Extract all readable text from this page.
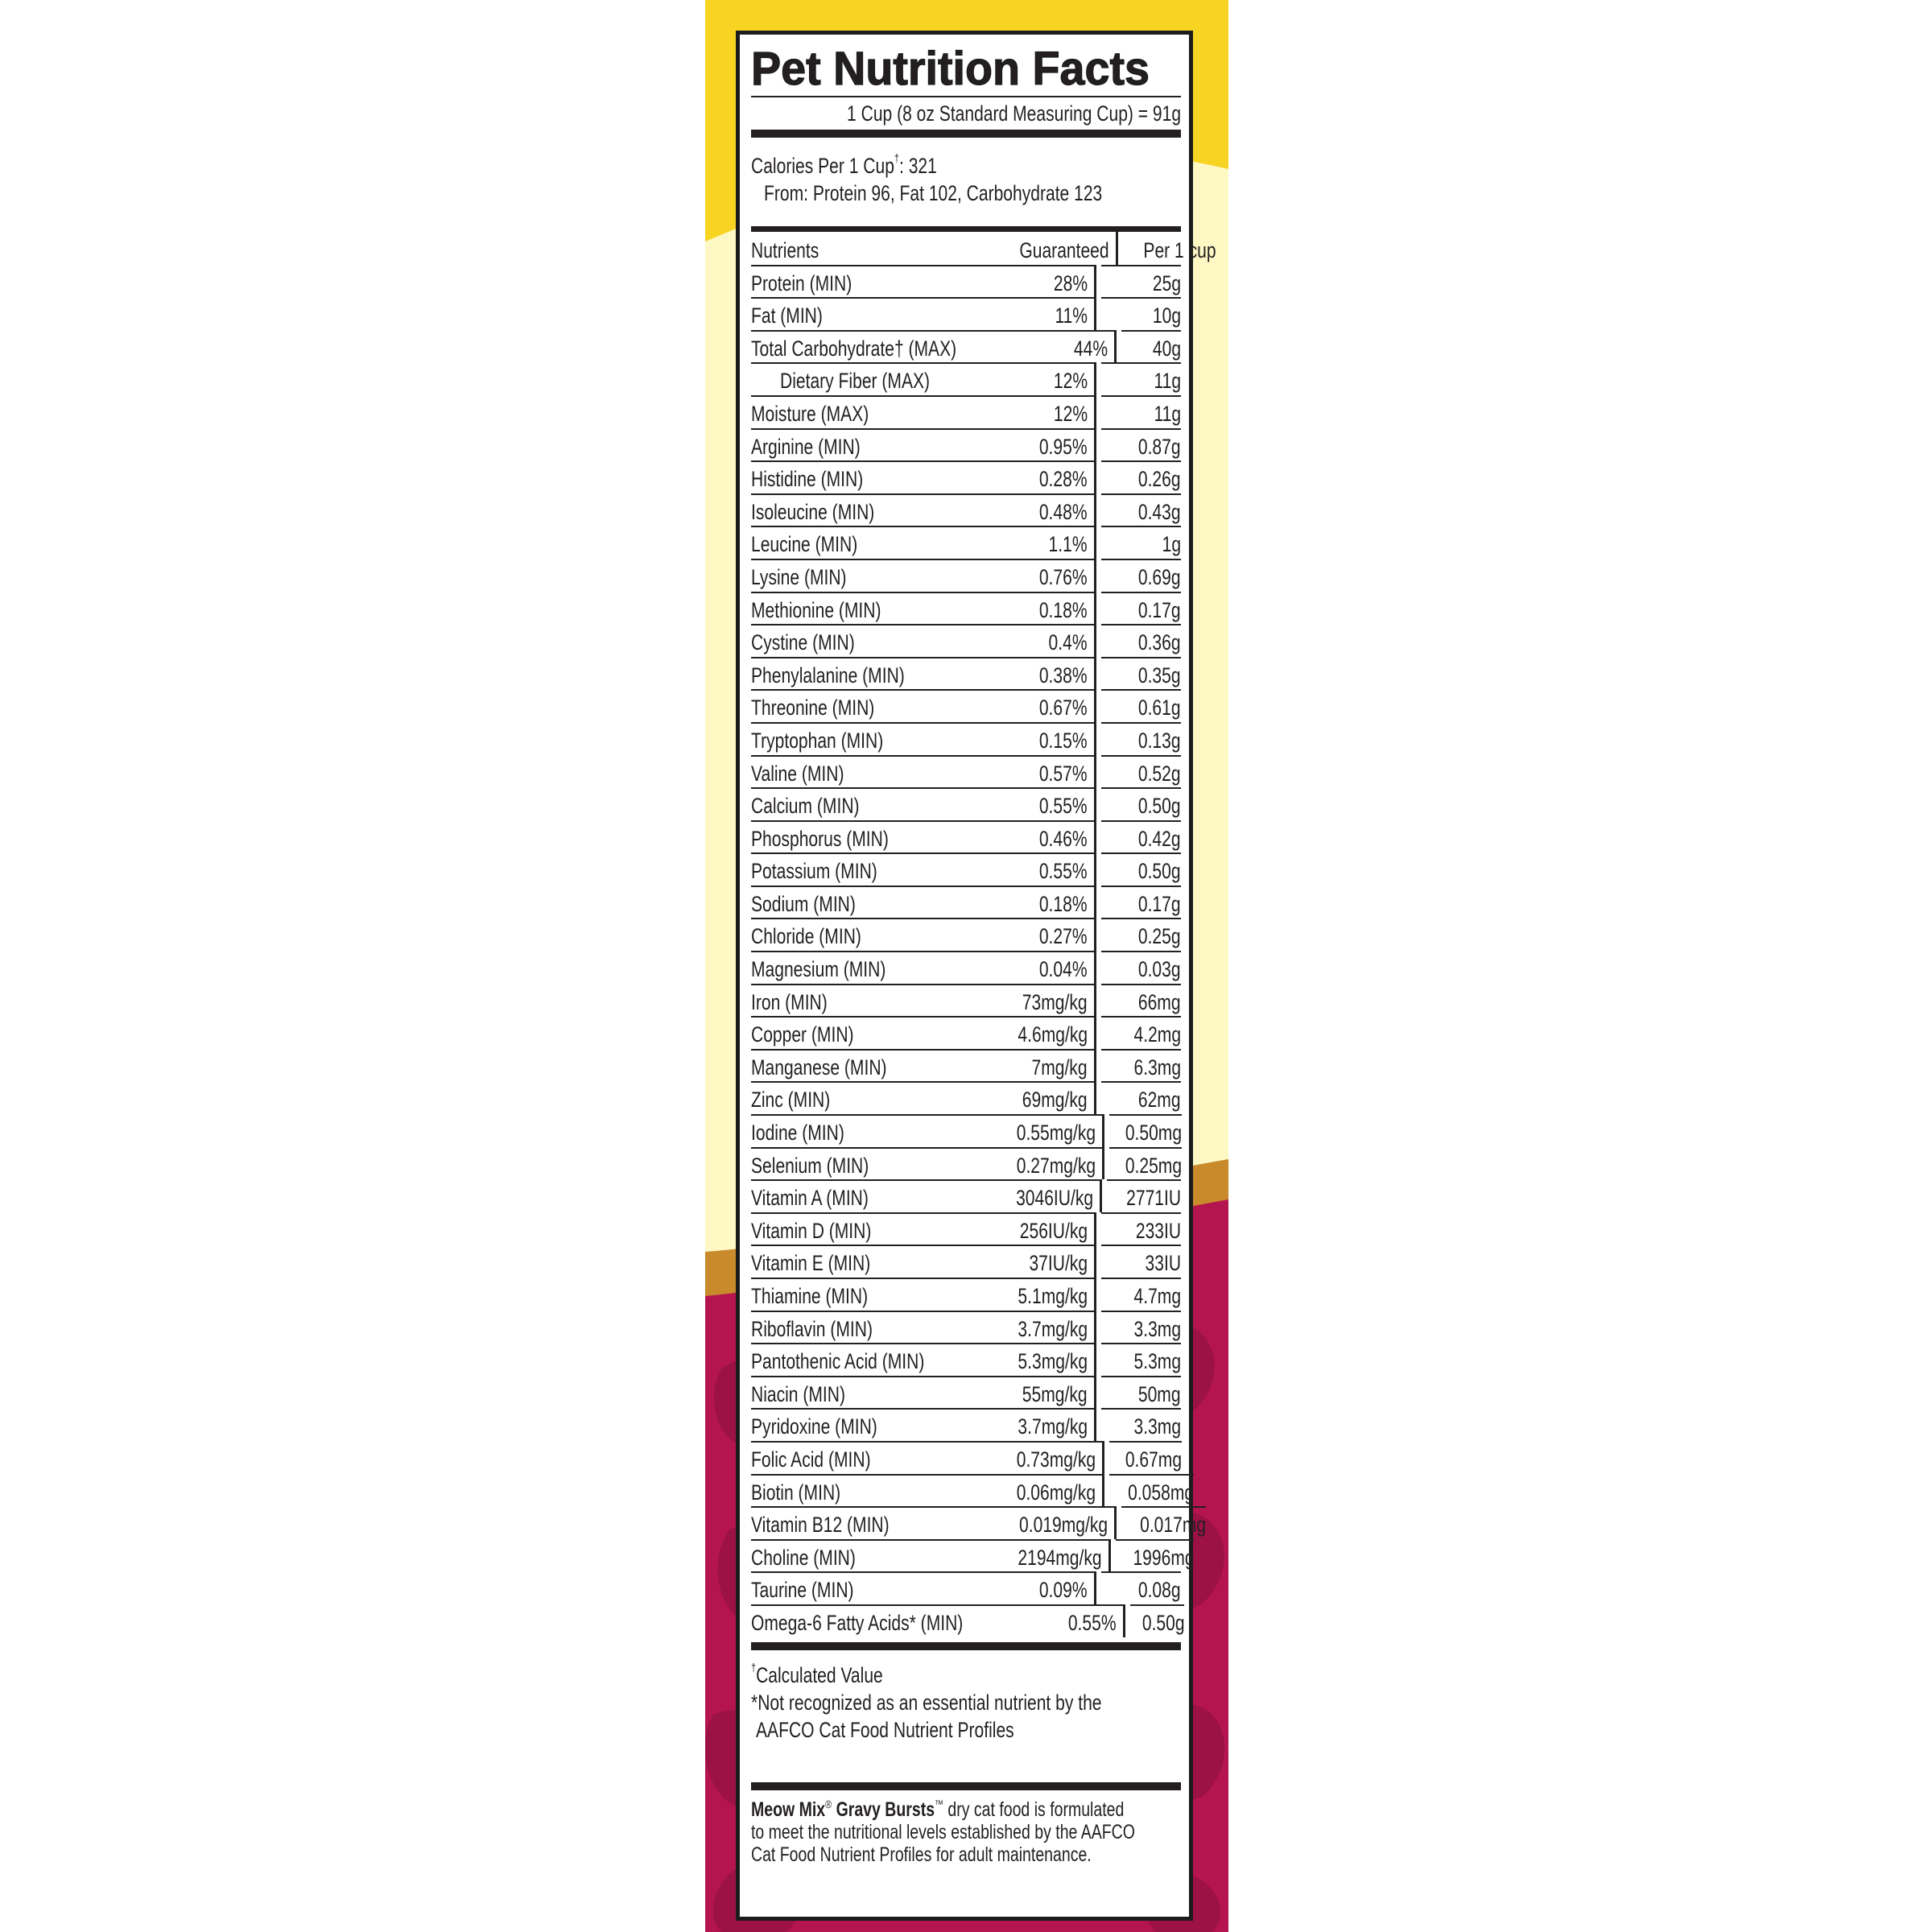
Pet Nutrition Facts
1 Cup (8 oz Standard Measuring Cup) = 91g
Calories Per 1 Cup†: 321
From: Protein 96, Fat 102, Carbohydrate 123
Nutrients	Guaranteed	Per 1 cup
Protein (MIN)	28%	25g
Fat (MIN)	11%	10g
Total Carbohydrate† (MAX)	44%	40g
Dietary Fiber (MAX)	12%	11g
Moisture (MAX)	12%	11g
Arginine (MIN)	0.95%	0.87g
Histidine (MIN)	0.28%	0.26g
Isoleucine (MIN)	0.48%	0.43g
Leucine (MIN)	1.1%	1g
Lysine (MIN)	0.76%	0.69g
Methionine (MIN)	0.18%	0.17g
Cystine (MIN)	0.4%	0.36g
Phenylalanine (MIN)	0.38%	0.35g
Threonine (MIN)	0.67%	0.61g
Tryptophan (MIN)	0.15%	0.13g
Valine (MIN)	0.57%	0.52g
Calcium (MIN)	0.55%	0.50g
Phosphorus (MIN)	0.46%	0.42g
Potassium (MIN)	0.55%	0.50g
Sodium (MIN)	0.18%	0.17g
Chloride (MIN)	0.27%	0.25g
Magnesium (MIN)	0.04%	0.03g
Iron (MIN)	73mg/kg	66mg
Copper (MIN)	4.6mg/kg	4.2mg
Manganese (MIN)	7mg/kg	6.3mg
Zinc (MIN)	69mg/kg	62mg
Iodine (MIN)	0.55mg/kg	0.50mg
Selenium (MIN)	0.27mg/kg	0.25mg
Vitamin A (MIN)	3046IU/kg	2771IU
Vitamin D (MIN)	256IU/kg	233IU
Vitamin E (MIN)	37IU/kg	33IU
Thiamine (MIN)	5.1mg/kg	4.7mg
Riboflavin (MIN)	3.7mg/kg	3.3mg
Pantothenic Acid (MIN)	5.3mg/kg	5.3mg
Niacin (MIN)	55mg/kg	50mg
Pyridoxine (MIN)	3.7mg/kg	3.3mg
Folic Acid (MIN)	0.73mg/kg	0.67mg
Biotin (MIN)	0.06mg/kg	0.058mg
Vitamin B12 (MIN)	0.019mg/kg	0.017mg
Choline (MIN)	2194mg/kg	1996mg
Taurine (MIN)	0.09%	0.08g
Omega-6 Fatty Acids* (MIN)	0.55%	0.50g
†Calculated Value
*Not recognized as an essential nutrient by the
AAFCO Cat Food Nutrient Profiles
Meow Mix® Gravy Bursts™ dry cat food is formulated
to meet the nutritional levels established by the AAFCO
Cat Food Nutrient Profiles for adult maintenance.
